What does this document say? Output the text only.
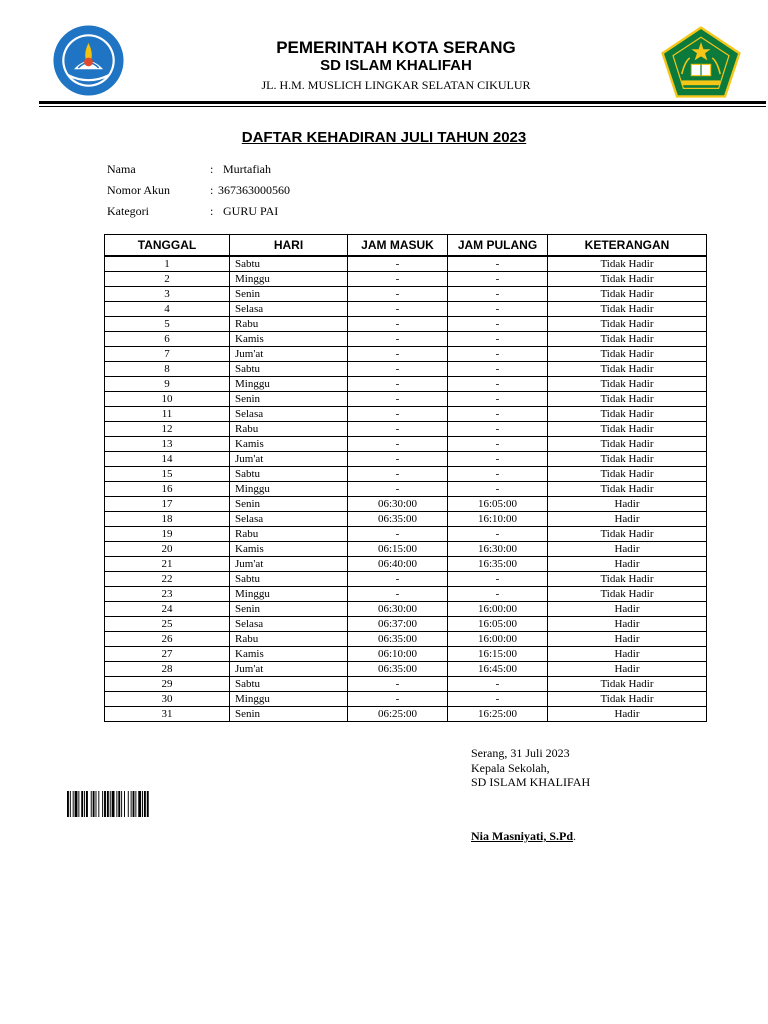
PEMERINTAH KOTA SERANG
SD ISLAM KHALIFAH
JL. H.M. MUSLICH LINGKAR SELATAN CIKULUR
DAFTAR KEHADIRAN JULI TAHUN 2023
Nama	: Murtafiah
Nomor Akun	: 367363000560
Kategori	: GURU PAI
TANGGAL	HARI	JAM MASUK	JAM PULANG	KETERANGAN
1	Sabtu	-	-	Tidak Hadir
2	Minggu	-	-	Tidak Hadir
3	Senin	-	-	Tidak Hadir
4	Selasa	-	-	Tidak Hadir
5	Rabu	-	-	Tidak Hadir
6	Kamis	-	-	Tidak Hadir
7	Jum'at	-	-	Tidak Hadir
8	Sabtu	-	-	Tidak Hadir
9	Minggu	-	-	Tidak Hadir
10	Senin	-	-	Tidak Hadir
11	Selasa	-	-	Tidak Hadir
12	Rabu	-	-	Tidak Hadir
13	Kamis	-	-	Tidak Hadir
14	Jum'at	-	-	Tidak Hadir
15	Sabtu	-	-	Tidak Hadir
16	Minggu	-	-	Tidak Hadir
17	Senin	06:30:00	16:05:00	Hadir
18	Selasa	06:35:00	16:10:00	Hadir
19	Rabu	-	-	Tidak Hadir
20	Kamis	06:15:00	16:30:00	Hadir
21	Jum'at	06:40:00	16:35:00	Hadir
22	Sabtu	-	-	Tidak Hadir
23	Minggu	-	-	Tidak Hadir
24	Senin	06:30:00	16:00:00	Hadir
25	Selasa	06:37:00	16:05:00	Hadir
26	Rabu	06:35:00	16:00:00	Hadir
27	Kamis	06:10:00	16:15:00	Hadir
28	Jum'at	06:35:00	16:45:00	Hadir
29	Sabtu	-	-	Tidak Hadir
30	Minggu	-	-	Tidak Hadir
31	Senin	06:25:00	16:25:00	Hadir
Serang, 31 Juli 2023
Kepala Sekolah,
SD ISLAM KHALIFAH
Nia Masniyati, S.Pd.
